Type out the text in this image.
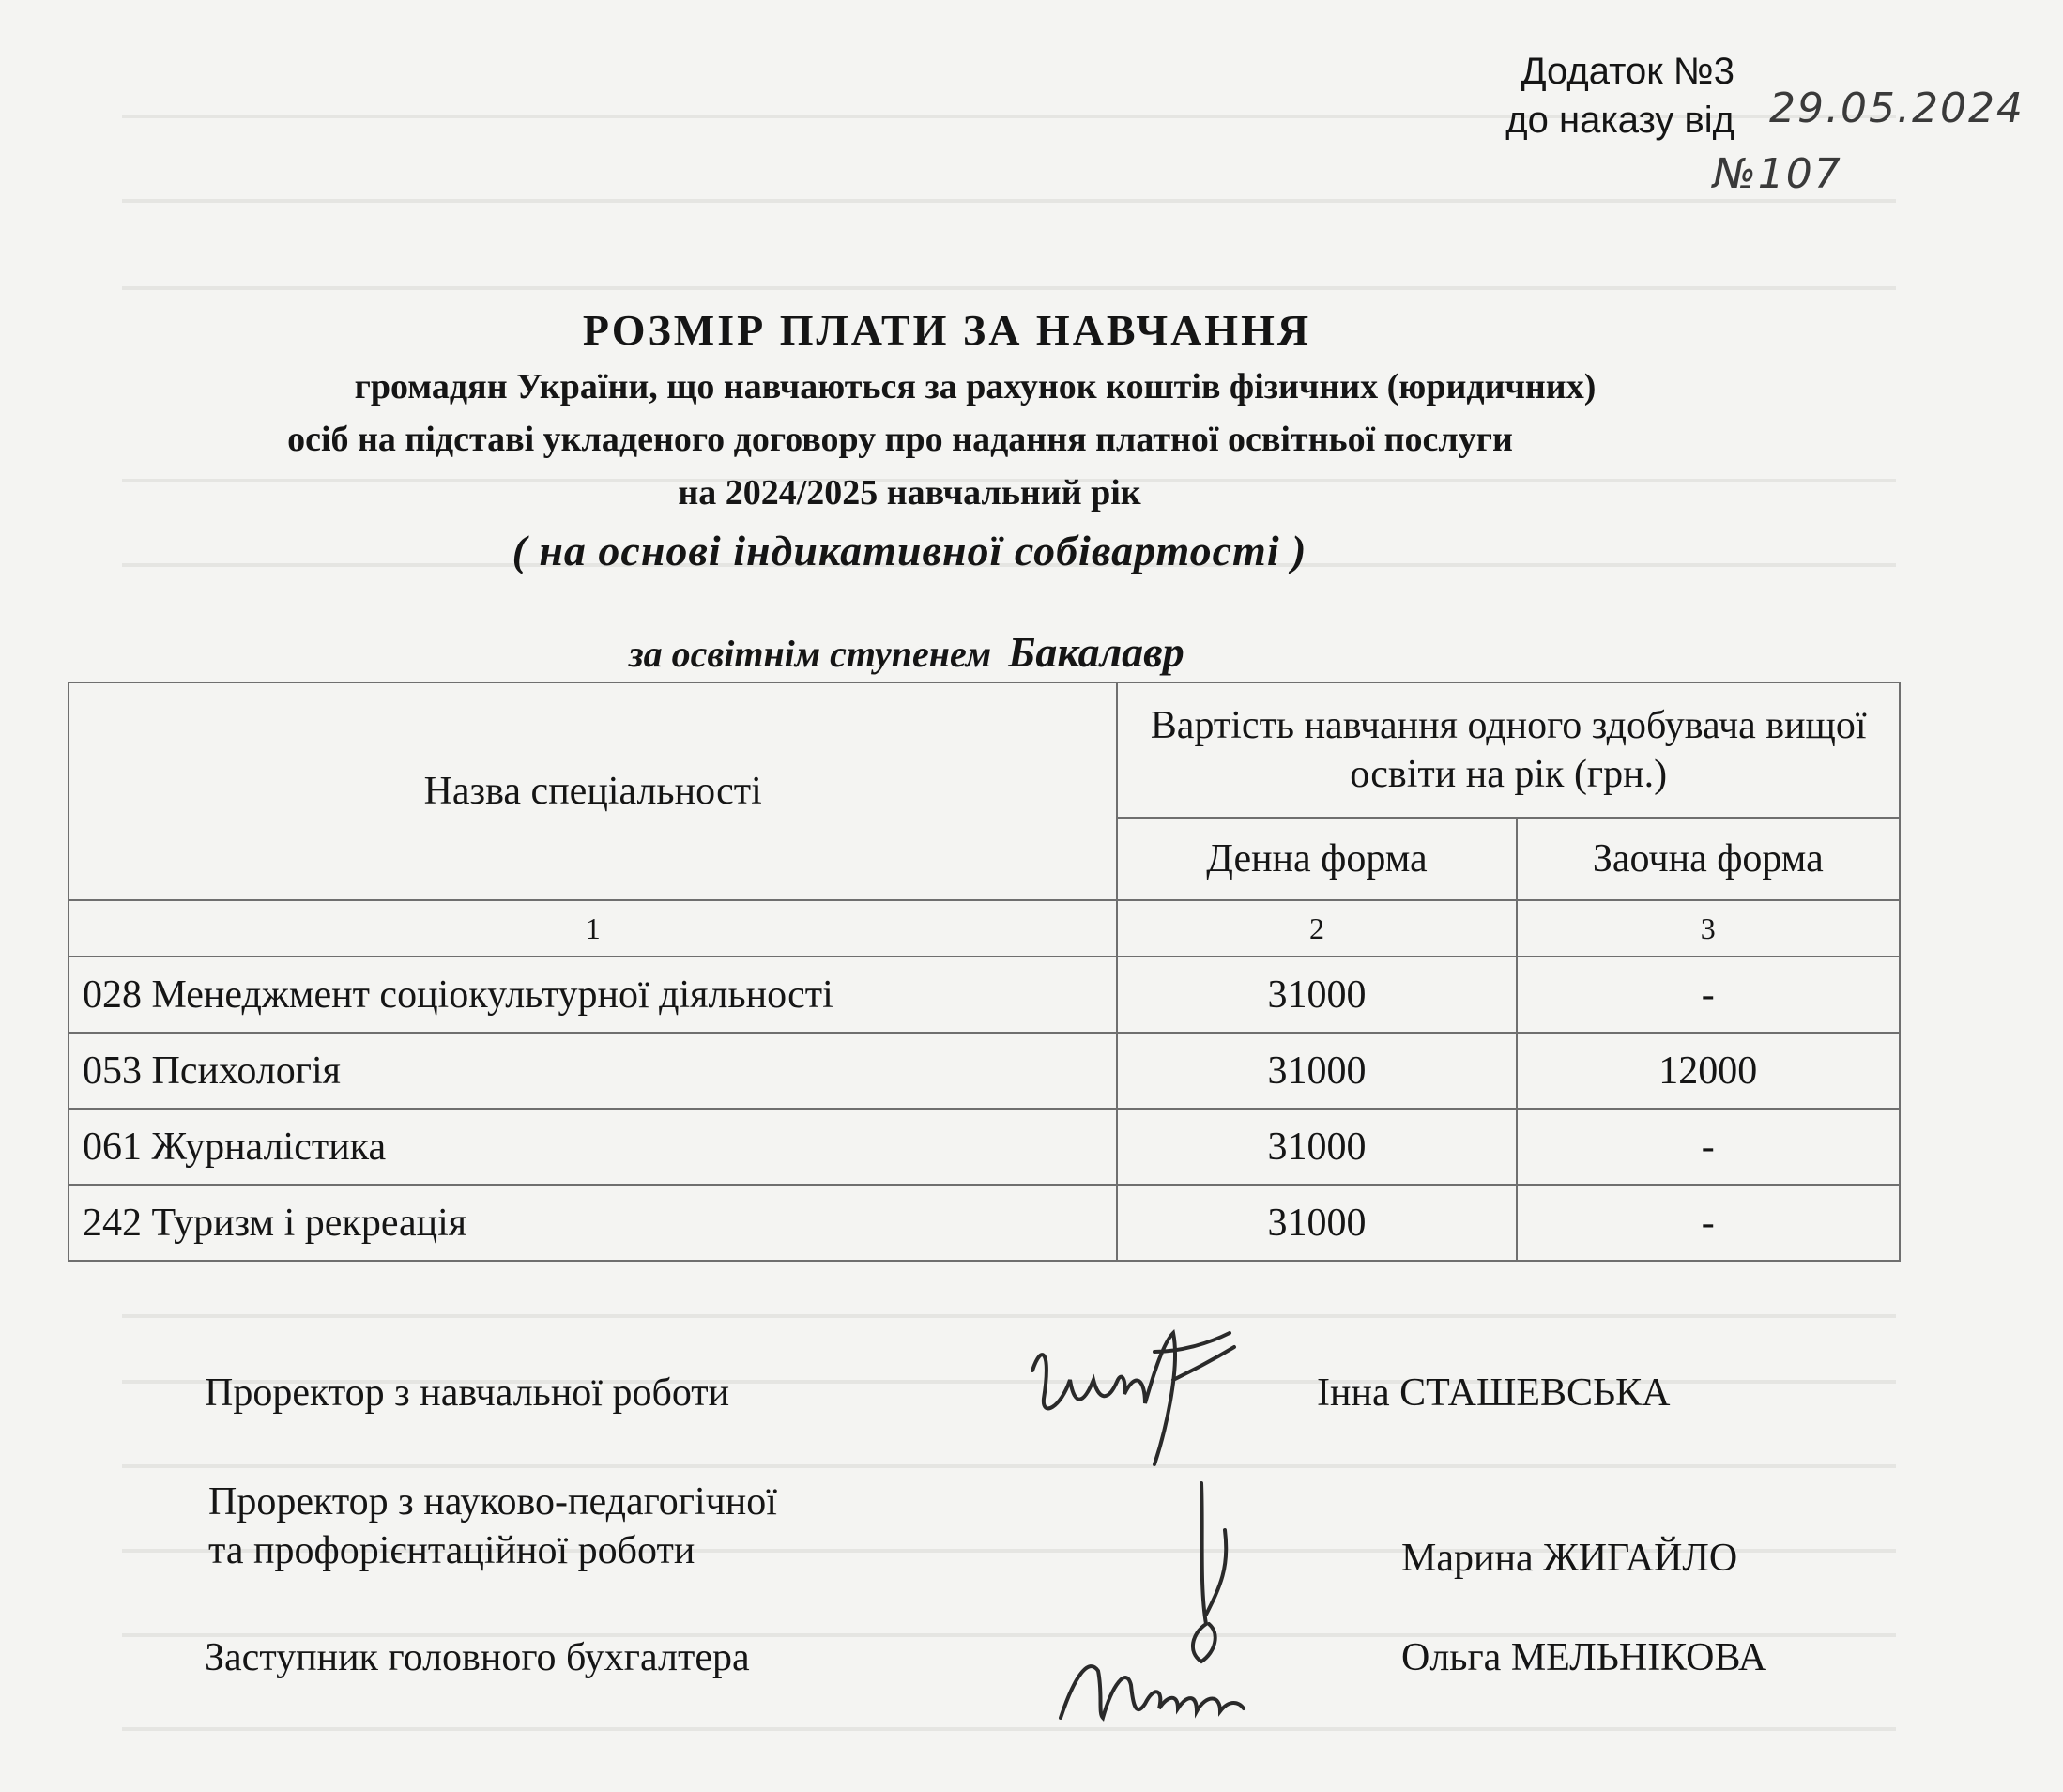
Додаток №3
до наказу від 29.05.2024
№107
РОЗМІР ПЛАТИ ЗА НАВЧАННЯ
громадян України, що навчаються за рахунок коштів фізичних (юридичних)
осіб на підставі укладеного договору про надання платної освітньої послуги
на 2024/2025 навчальний рік
( на основі індикативної собівартості )
за освітнім ступенем Бакалавр
Назва спеціальності	Вартість навчання одного здобувача вищої освіти на рік (грн.)	
	Денна форма	Заочна форма
1	2	3
028 Менеджмент соціокультурної діяльності	31000	-
053 Психологія	31000	12000
061 Журналістика	31000	-
242 Туризм і рекреація	31000	-
Проректор з навчальної роботи	Інна СТАШЕВСЬКА
Проректор з науково-педагогічної
та профорієнтаційної роботи	Марина ЖИГАЙЛО
Заступник головного бухгалтера	Ольга МЕЛЬНІКОВА
